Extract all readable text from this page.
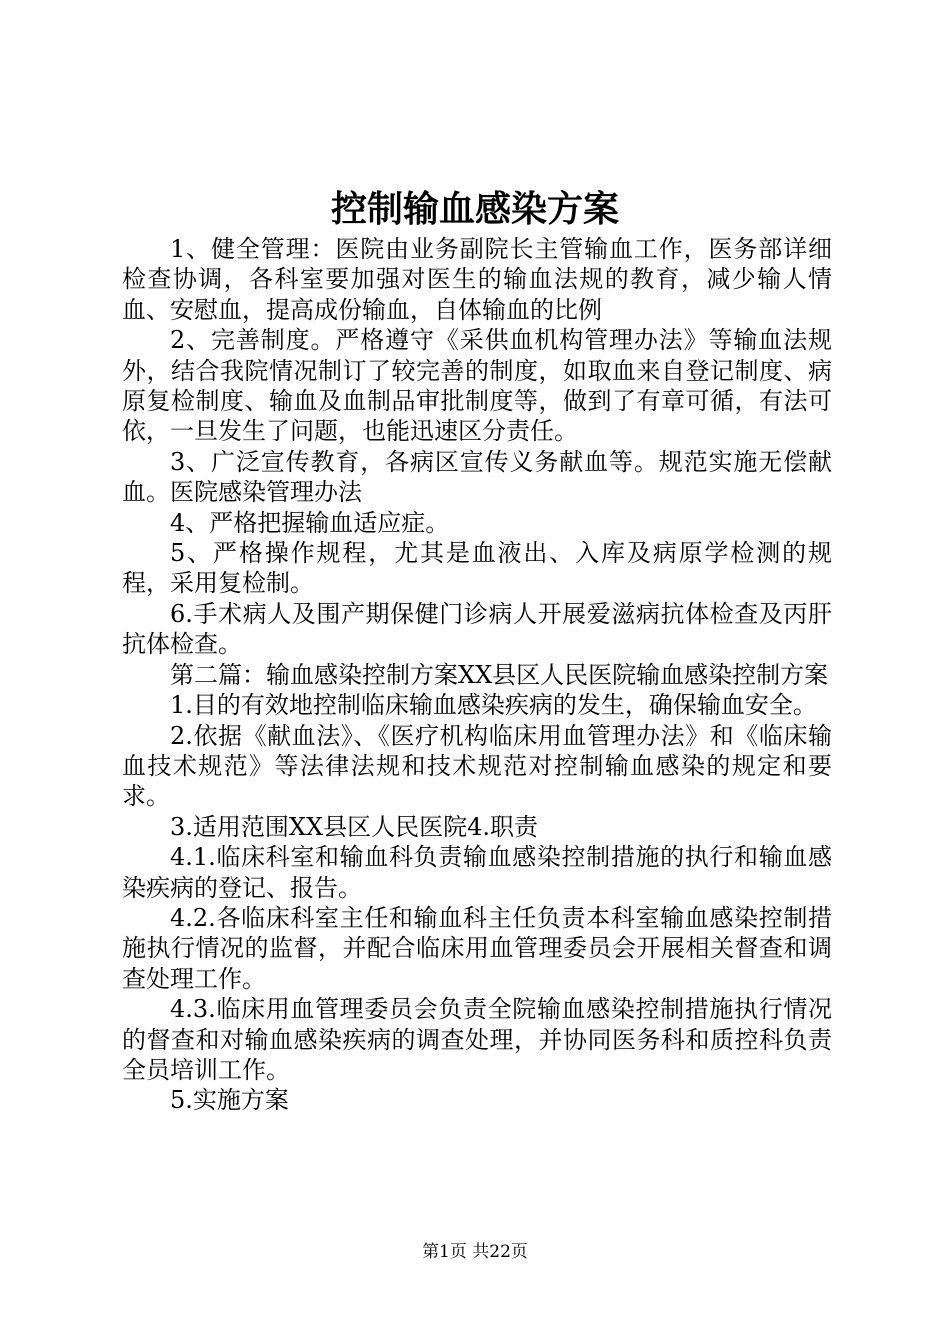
控制输血感染方案

1、健全管理：医院由业务副院长主管输血工作，医务部详细检查协调，各科室要加强对医生的输血法规的教育，减少输人情血、安慰血，提高成份输血，自体输血的比例

2、完善制度。严格遵守《采供血机构管理办法》等输血法规外，结合我院情况制订了较完善的制度，如取血来自登记制度、病原复检制度、输血及血制品审批制度等，做到了有章可循，有法可依，一旦发生了问题，也能迅速区分责任。

3、广泛宣传教育，各病区宣传义务献血等。规范实施无偿献血。医院感染管理办法

4、严格把握输血适应症。

5、严格操作规程，尤其是血液出、入库及病原学检测的规程，采用复检制。

6.手术病人及围产期保健门诊病人开展爱滋病抗体检查及丙肝抗体检查。

第二篇：输血感染控制方案XX县区人民医院输血感染控制方案

1.目的有效地控制临床输血感染疾病的发生，确保输血安全。

2.依据《献血法》、《医疗机构临床用血管理办法》和《临床输血技术规范》等法律法规和技术规范对控制输血感染的规定和要求。

3.适用范围XX县区人民医院4.职责

4.1.临床科室和输血科负责输血感染控制措施的执行和输血感染疾病的登记、报告。

4.2.各临床科室主任和输血科主任负责本科室输血感染控制措施执行情况的监督，并配合临床用血管理委员会开展相关督查和调查处理工作。

4.3.临床用血管理委员会负责全院输血感染控制措施执行情况的督查和对输血感染疾病的调查处理，并协同医务科和质控科负责全员培训工作。

5.实施方案

第1页 共22页
